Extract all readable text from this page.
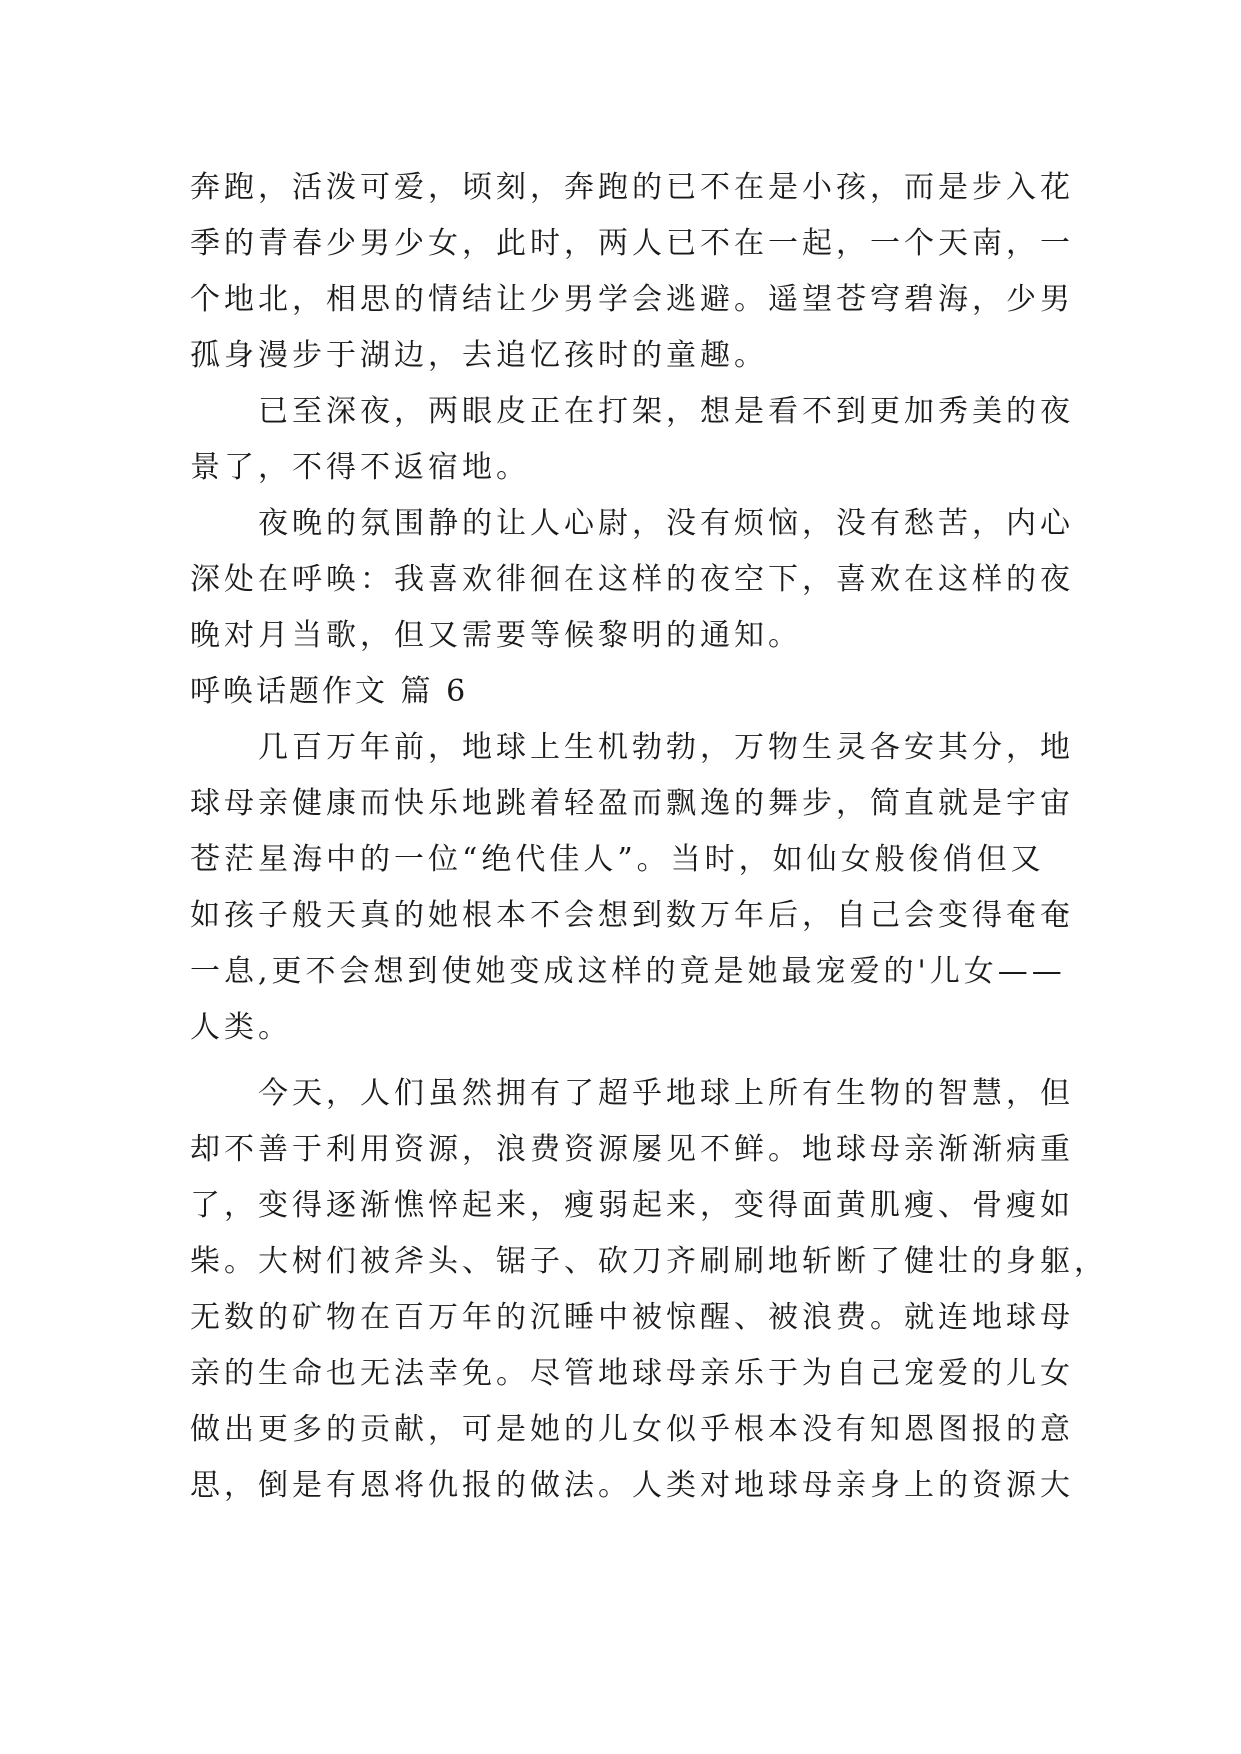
奔跑，活泼可爱，顷刻，奔跑的已不在是小孩，而是步入花
季的青春少男少女，此时，两人已不在一起，一个天南，一
个地北，相思的情结让少男学会逃避。遥望苍穹碧海，少男
孤身漫步于湖边，去追忆孩时的童趣。
　　已至深夜，两眼皮正在打架，想是看不到更加秀美的夜
景了，不得不返宿地。
　　夜晚的氛围静的让人心尉，没有烦恼，没有愁苦，内心
深处在呼唤：我喜欢徘徊在这样的夜空下，喜欢在这样的夜
晚对月当歌，但又需要等候黎明的通知。
呼唤话题作文 篇 6
　　几百万年前，地球上生机勃勃，万物生灵各安其分，地
球母亲健康而快乐地跳着轻盈而飘逸的舞步，简直就是宇宙
苍茫星海中的一位“绝代佳人”。当时，如仙女般俊俏但又
如孩子般天真的她根本不会想到数万年后，自己会变得奄奄
一息,更不会想到使她变成这样的竟是她最宠爱的'儿女——
人类。
　　今天，人们虽然拥有了超乎地球上所有生物的智慧，但
却不善于利用资源，浪费资源屡见不鲜。地球母亲渐渐病重
了，变得逐渐憔悴起来，瘦弱起来，变得面黄肌瘦、骨瘦如
柴。大树们被斧头、锯子、砍刀齐刷刷地斩断了健壮的身躯，
无数的矿物在百万年的沉睡中被惊醒、被浪费。就连地球母
亲的生命也无法幸免。尽管地球母亲乐于为自己宠爱的儿女
做出更多的贡献，可是她的儿女似乎根本没有知恩图报的意
思，倒是有恩将仇报的做法。人类对地球母亲身上的资源大
